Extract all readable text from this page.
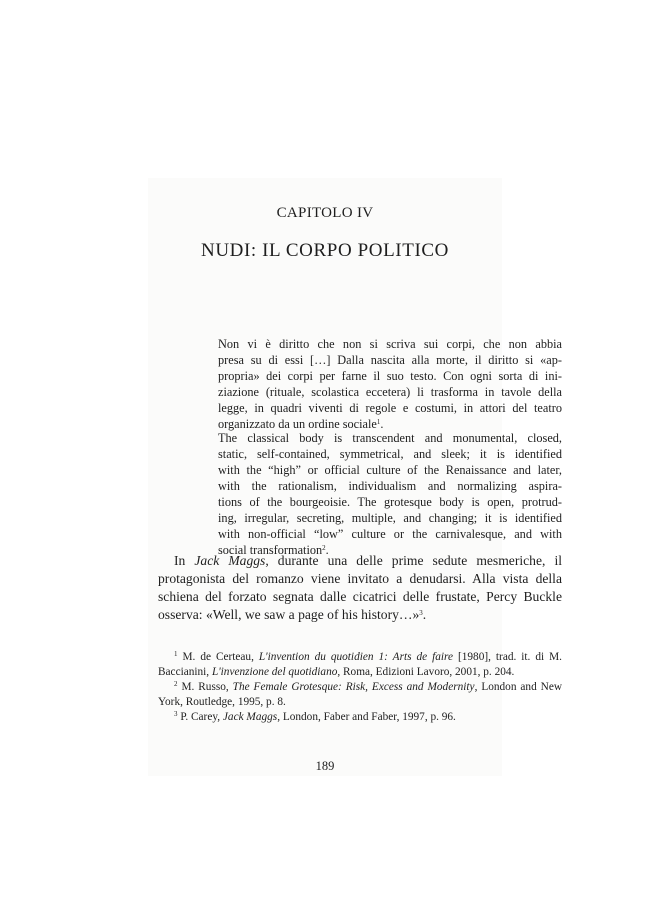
CAPITOLO IV
NUDI: IL CORPO POLITICO
Non vi è diritto che non si scriva sui corpi, che non abbia
presa su di essi […] Dalla nascita alla morte, il diritto si «ap-
propria» dei corpi per farne il suo testo. Con ogni sorta di ini-
ziazione (rituale, scolastica eccetera) li trasforma in tavole della
legge, in quadri viventi di regole e costumi, in attori del teatro
organizzato da un ordine sociale$^1$.
The classical body is transcendent and monumental, closed,
static, self-contained, symmetrical, and sleek; it is identified
with the “high” or official culture of the Renaissance and later,
with the rationalism, individualism and normalizing aspira-
tions of the bourgeoisie. The grotesque body is open, protrud-
ing, irregular, secreting, multiple, and changing; it is identified
with non-official “low” culture or the carnivalesque, and with
social transformation$^2$.
In Jack Maggs, durante una delle prime sedute mesmeriche, il
protagonista del romanzo viene invitato a denudarsi. Alla vista della
schiena del forzato segnata dalle cicatrici delle frustate, Percy Buckle
osserva: «Well, we saw a page of his history…»$^3$.
$^1$ M. de Certeau, L'invention du quotidien 1: Arts de faire [1980], trad. it. di M.
Baccianini, L'invenzione del quotidiano, Roma, Edizioni Lavoro, 2001, p. 204.
$^2$ M. Russo, The Female Grotesque: Risk, Excess and Modernity, London and New
York, Routledge, 1995, p. 8.
$^3$ P. Carey, Jack Maggs, London, Faber and Faber, 1997, p. 96.
189
